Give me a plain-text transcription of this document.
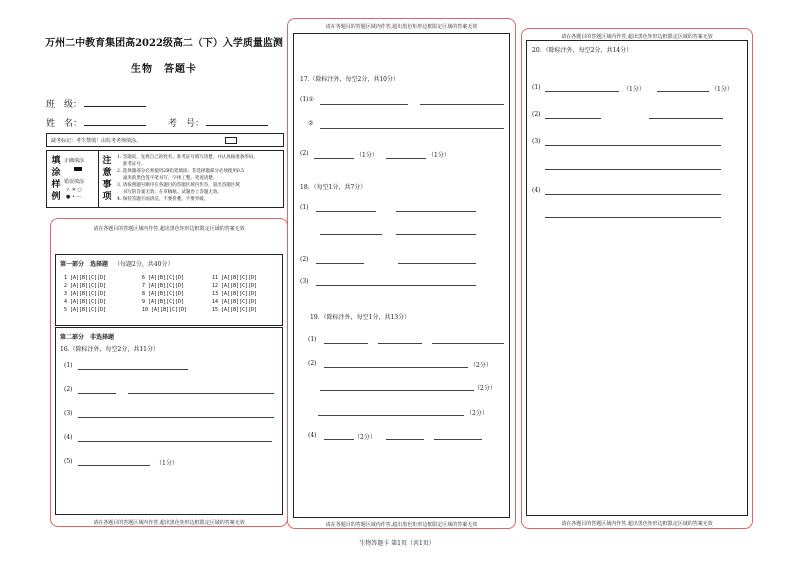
万州二中教育集团高2022级高二（下）入学质量监测
生物　答题卡
班　级：
姓　名：	考　号：
缺考标记：考生禁填！由监考老师填涂。
填
涂
样
例
正确填涂
错误填涂
✓ ✕ ○
● • —
注
意
事
项
1. 答题前，先将自己的姓名、准考证号填写清楚，并认真核准条形码。
　 准考证号。
2. 选择题部分必须使用2B铅笔填涂；非选择题部分必须使用0.5
　 毫米的黑色签字笔书写，字体工整、笔迹清楚。
3. 请按照题号顺序在各题目的答题区域内作答，超出答题区域
　 书写的答案无效；在草稿纸、试题卷上答题无效。
4. 保持答题卡面清洁，不要折叠、不要弄破。
请在各题目的答题区域内作答,超出黑色矩形边框限定区域的答案无效
第一部分　选择题 （每题2分，共40分）
1 [A][B][C][D]	6 [A][B][C][D]	11 [A][B][C][D]
2 [A][B][C][D]	7 [A][B][C][D]	12 [A][B][C][D]
3 [A][B][C][D]	8 [A][B][C][D]	13 [A][B][C][D]
4 [A][B][C][D]	9 [A][B][C][D]	14 [A][B][C][D]
5 [A][B][C][D]	10 [A][B][C][D]	15 [A][B][C][D]
第二部分　非选择题
16.（除标注外，每空2分，共11分）
(1)
(2)
(3)
(4)
(5)	（1分）
请在各题目的答题区域内作答,超出黑色矩形边框限定区域的答案无效
请在各题目的答题区域内作答,超出黑色矩形边框限定区域的答案无效
17.（除标注外，每空2分，共10分）
(1)①
②
(2)	（1分）	（1分）
18．（每空1分，共7分）
(1)
(2)
(3)
19．（除标注外，每空1分，共13分）
(1)
(2)	（2分）
（2分）
（2分）
(4)	（2分）
请在各题目的答题区域内作答,超出黑色矩形边框限定区域的答案无效
请在各题目的答题区域内作答,超出黑色矩形边框限定区域的答案无效
20．（除标注外，每空2分，共14分）
(1)	（1分）	（1分）
(2)
(3)
(4)
请在各题目的答题区域内作答,超出黑色矩形边框限定区域的答案无效
生物答题卡 第1页（共1页）
